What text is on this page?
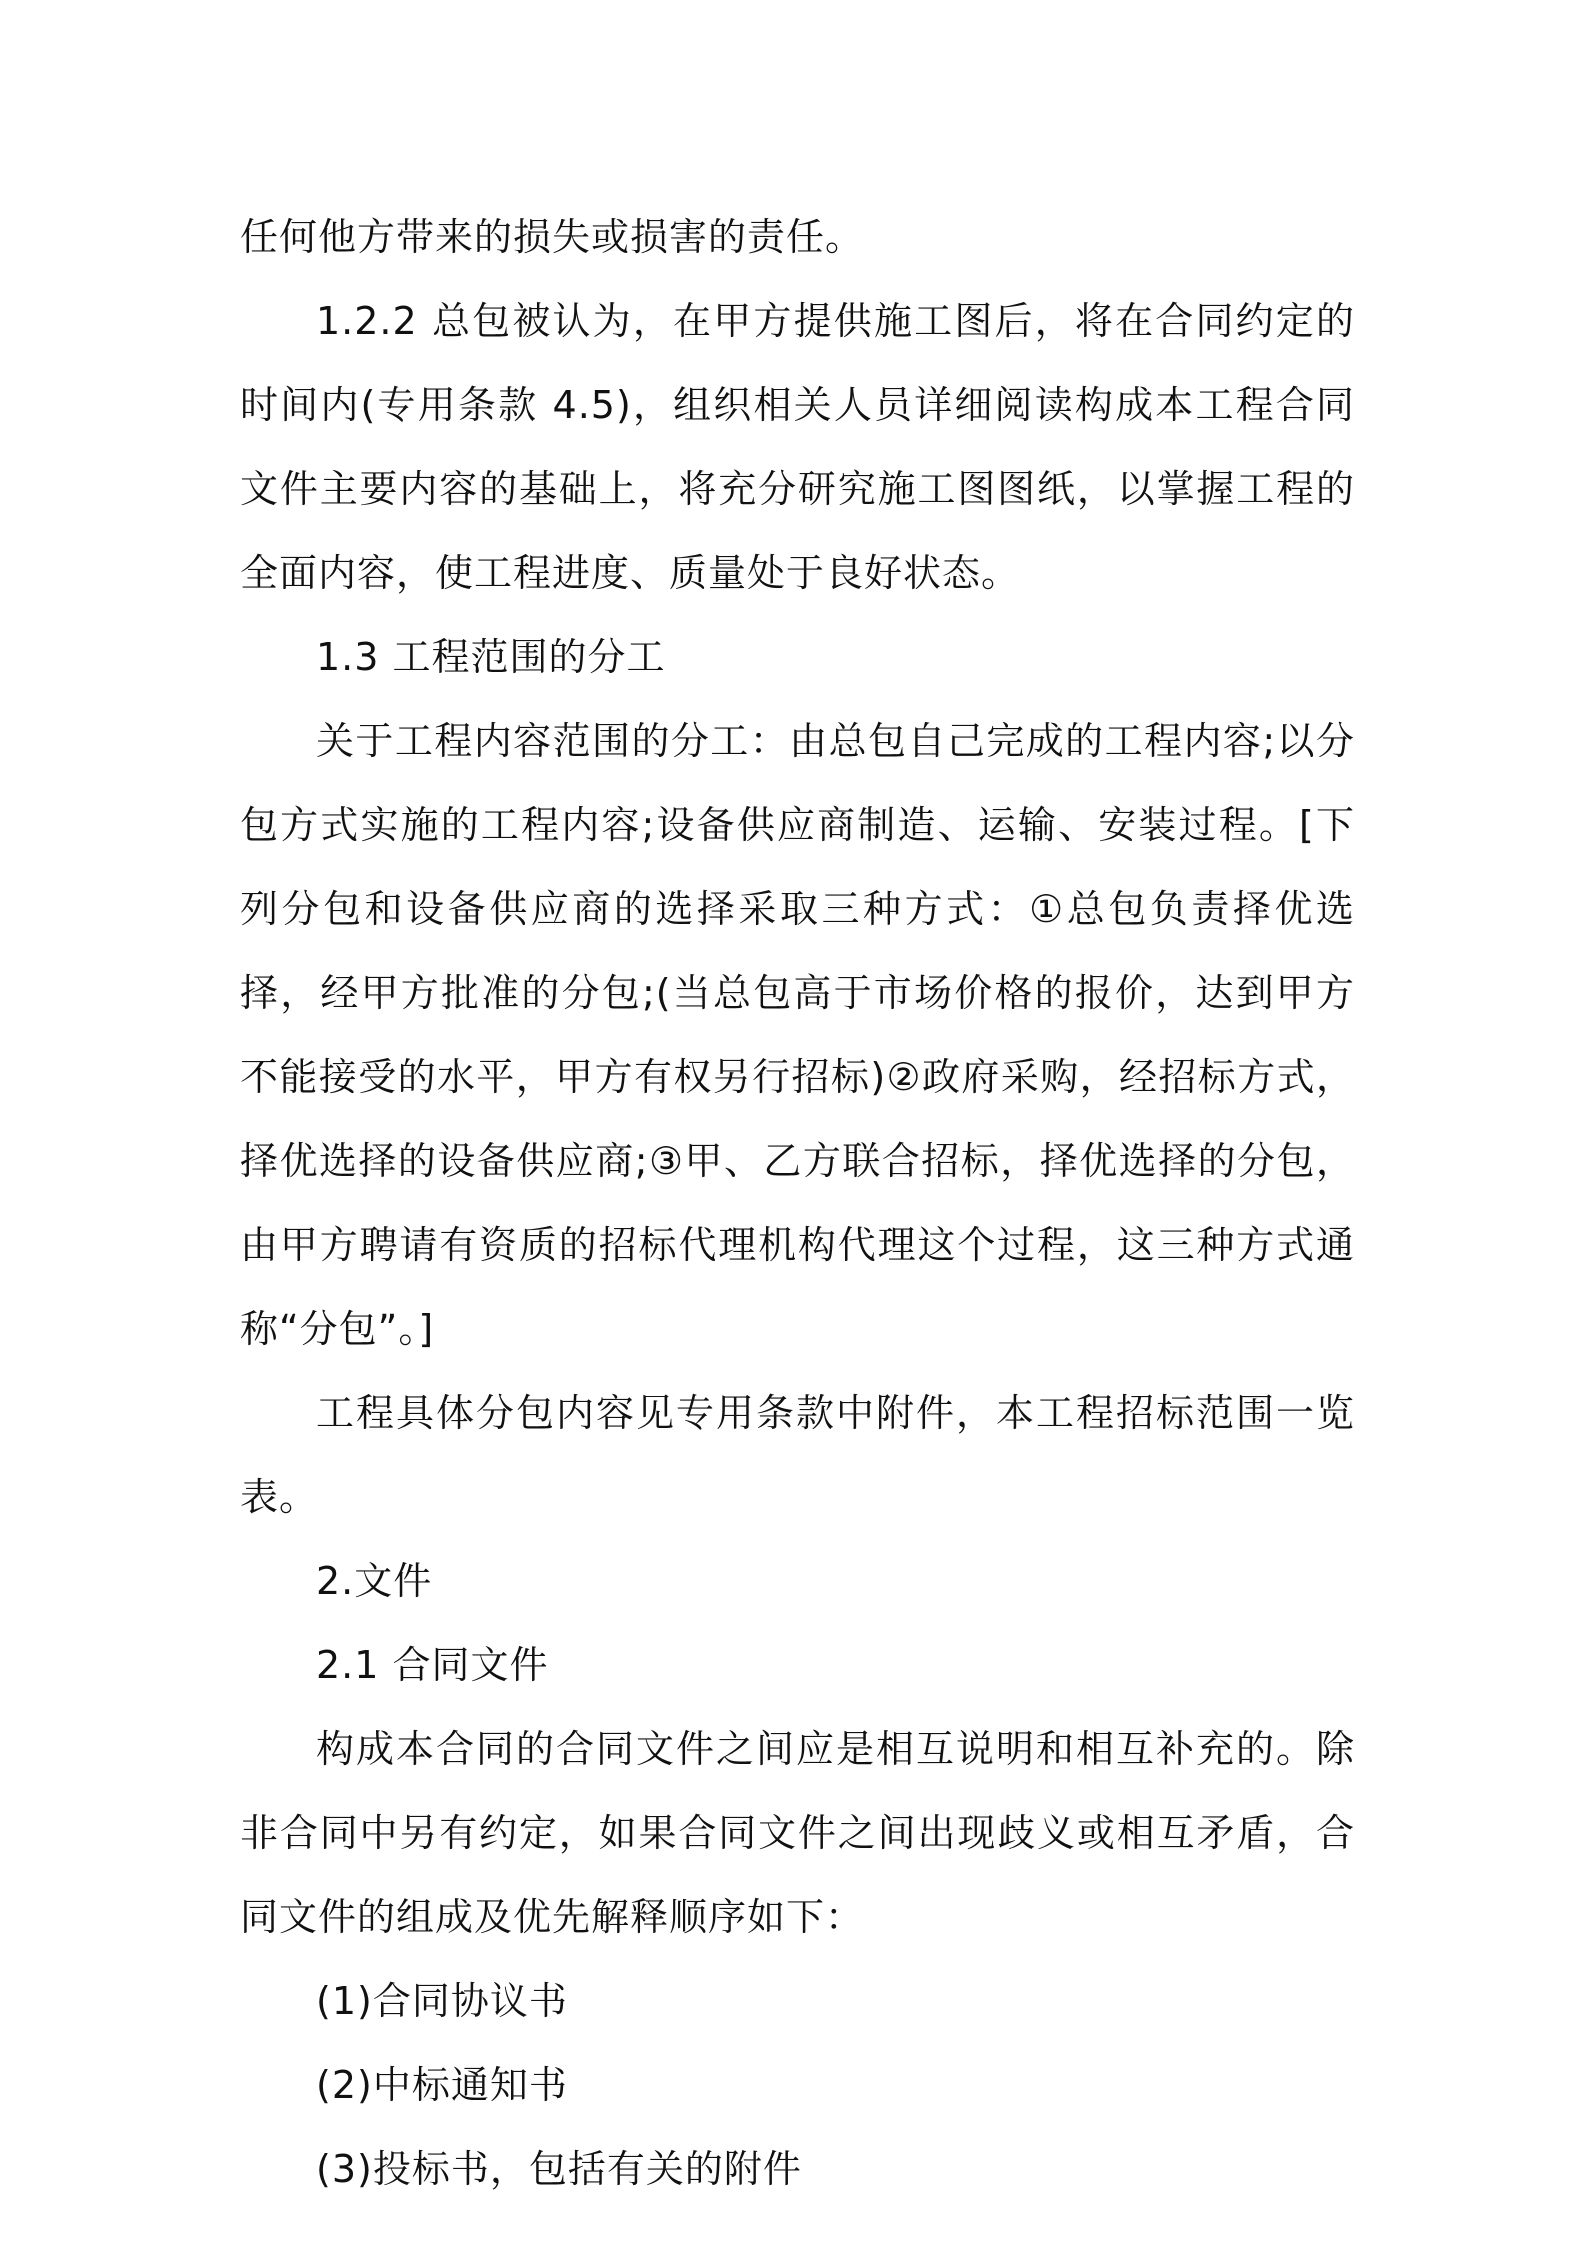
任何他方带来的损失或损害的责任。

1.2.2 总包被认为，在甲方提供施工图后，将在合同约定的时间内(专用条款 4.5)，组织相关人员详细阅读构成本工程合同文件主要内容的基础上，将充分研究施工图图纸，以掌握工程的全面内容，使工程进度、质量处于良好状态。

1.3 工程范围的分工

关于工程内容范围的分工：由总包自己完成的工程内容;以分包方式实施的工程内容;设备供应商制造、运输、安装过程。[下列分包和设备供应商的选择采取三种方式：①总包负责择优选择，经甲方批准的分包;(当总包高于市场价格的报价，达到甲方不能接受的水平，甲方有权另行招标)②政府采购，经招标方式，择优选择的设备供应商;③甲、乙方联合招标，择优选择的分包，由甲方聘请有资质的招标代理机构代理这个过程，这三种方式通称“分包”。]

工程具体分包内容见专用条款中附件，本工程招标范围一览表。

2.文件

2.1 合同文件

构成本合同的合同文件之间应是相互说明和相互补充的。除非合同中另有约定，如果合同文件之间出现歧义或相互矛盾，合同文件的组成及优先解释顺序如下：

(1)合同协议书

(2)中标通知书

(3)投标书，包括有关的附件
